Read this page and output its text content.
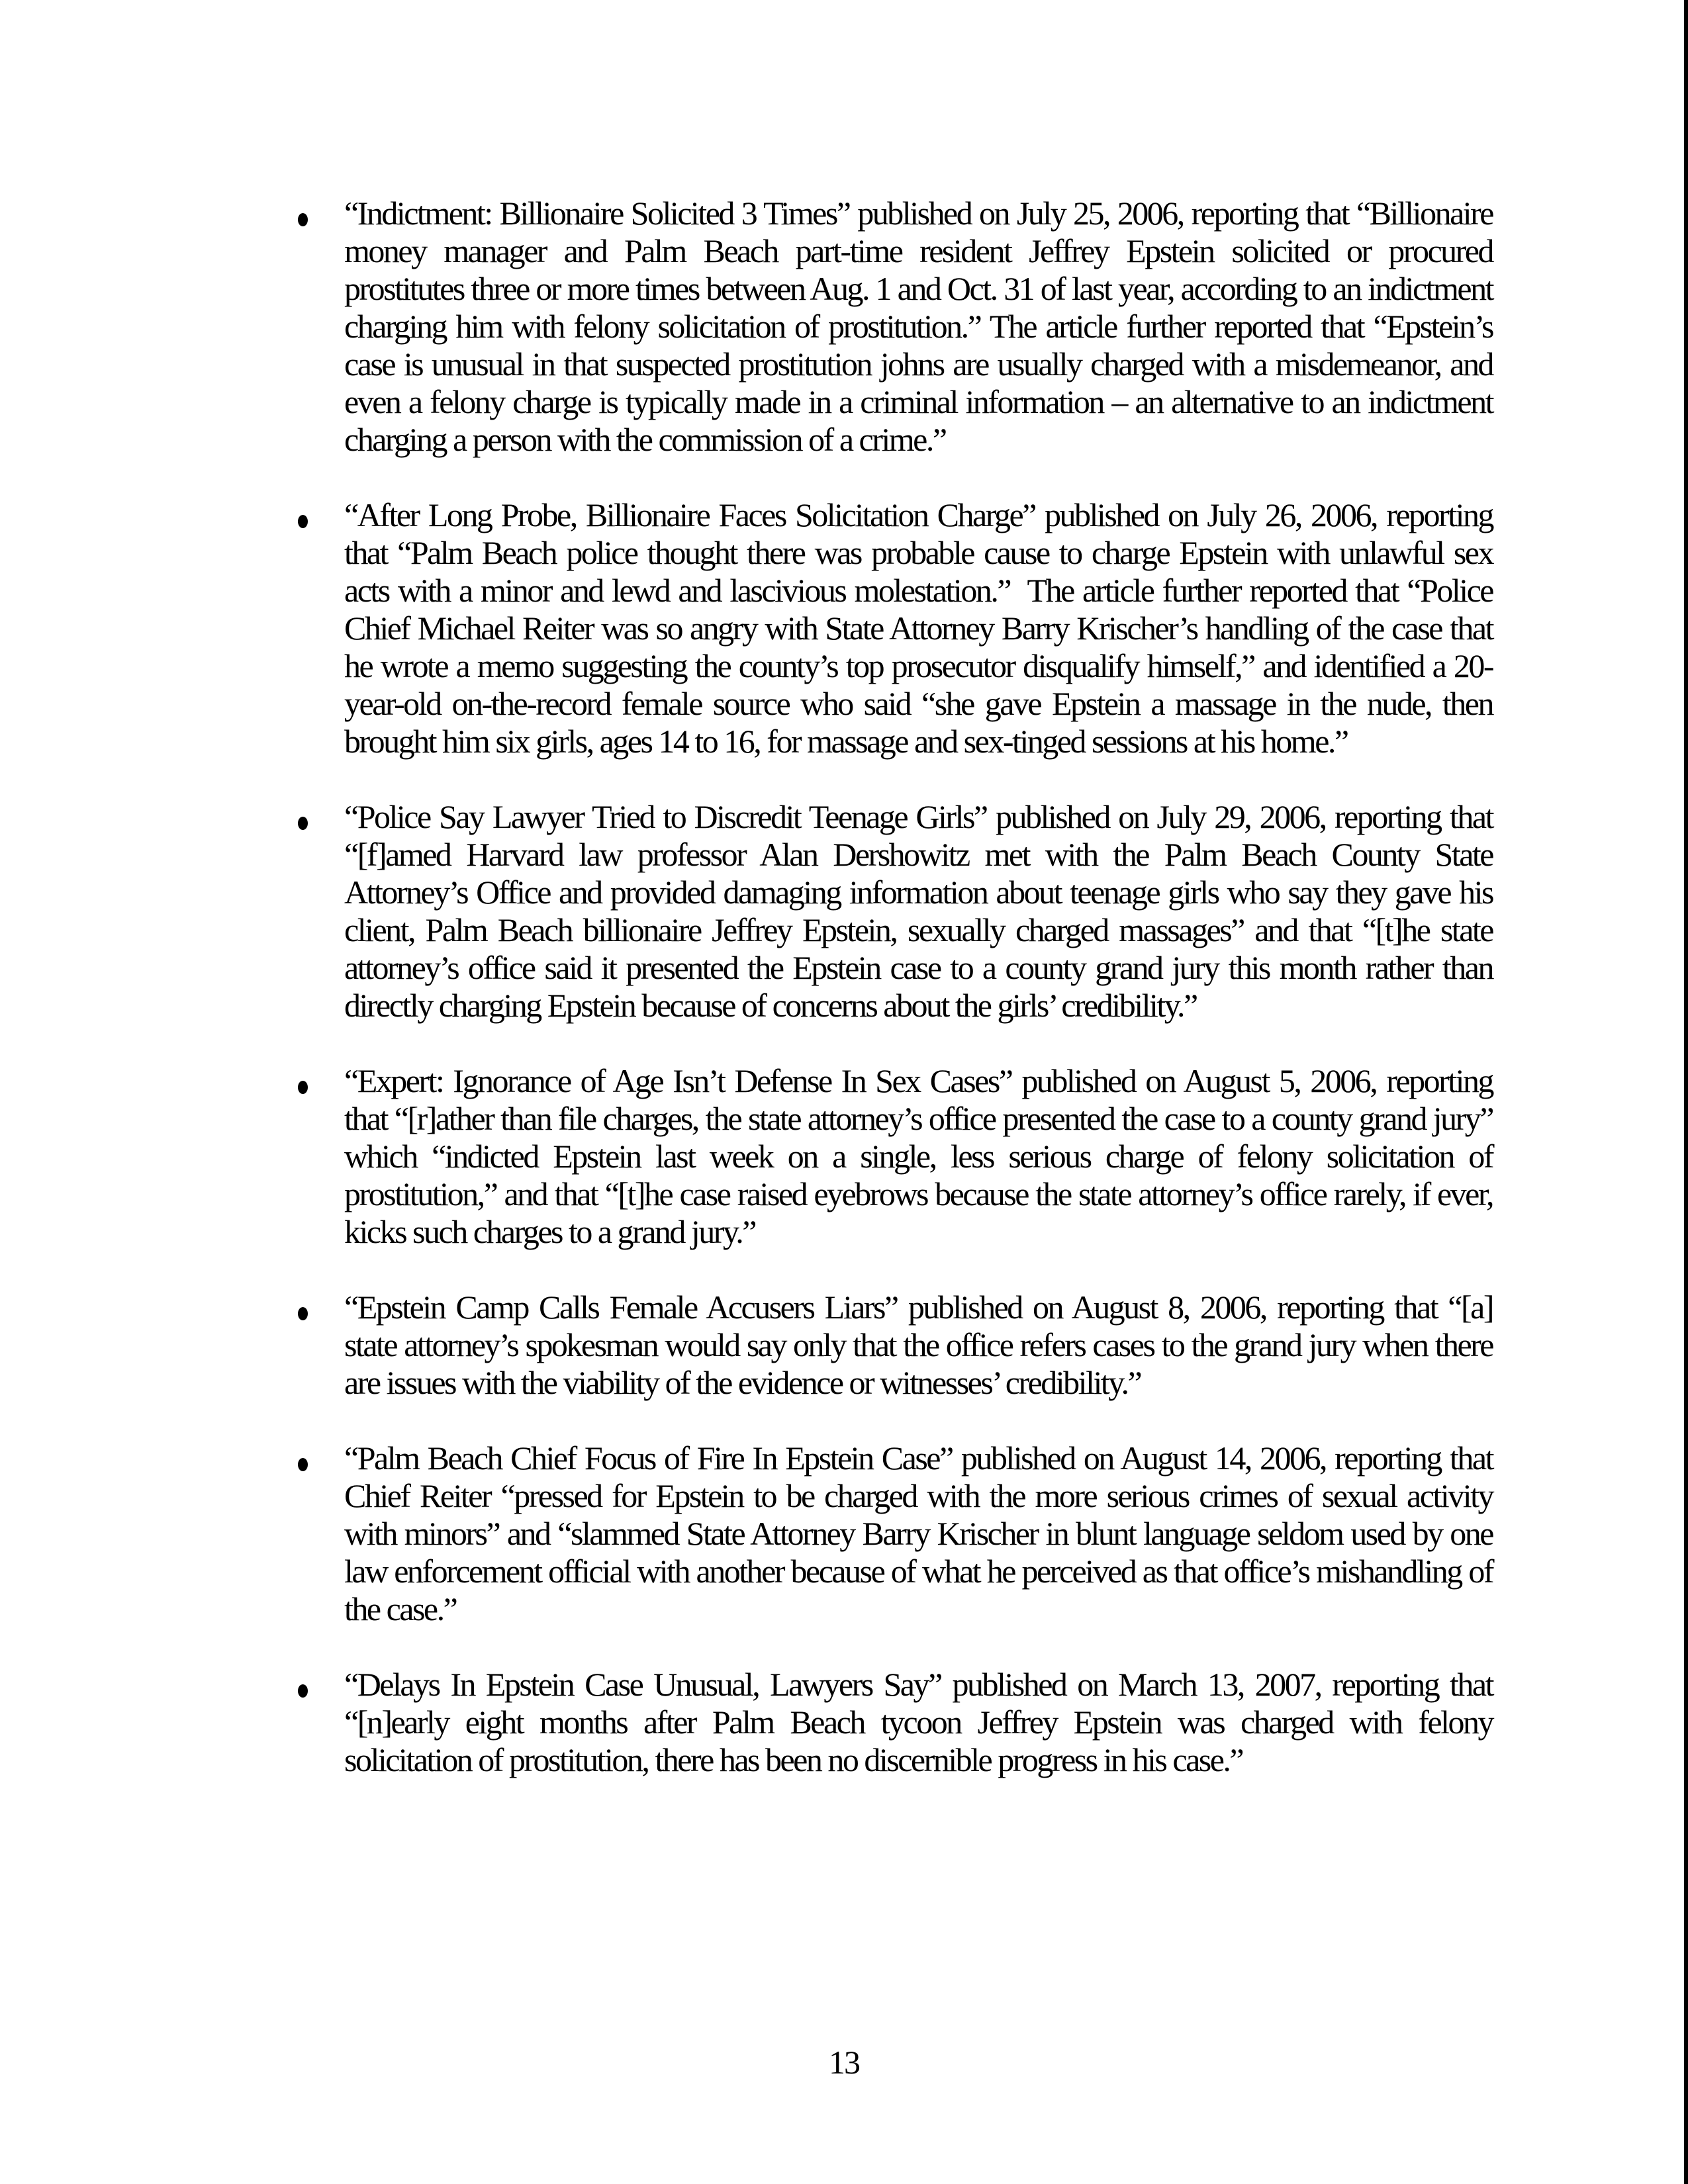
“Indictment: Billionaire Solicited 3 Times” published on July 25, 2006, reporting that “Billionaire money manager and Palm Beach part-time resident Jeffrey Epstein solicited or procured prostitutes three or more times between Aug. 1 and Oct. 31 of last year, according to an indictment charging him with felony solicitation of prostitution.” The article further reported that “Epstein’s case is unusual in that suspected prostitution johns are usually charged with a misdemeanor, and even a felony charge is typically made in a criminal information – an alternative to an indictment charging a person with the commission of a crime.”

“After Long Probe, Billionaire Faces Solicitation Charge” published on July 26, 2006, reporting that “Palm Beach police thought there was probable cause to charge Epstein with unlawful sex acts with a minor and lewd and lascivious molestation.”  The article further reported that “Police Chief Michael Reiter was so angry with State Attorney Barry Krischer’s handling of the case that he wrote a memo suggesting the county’s top prosecutor disqualify himself,” and identified a 20-year-old on-the-record female source who said “she gave Epstein a massage in the nude, then brought him six girls, ages 14 to 16, for massage and sex-tinged sessions at his home.”

“Police Say Lawyer Tried to Discredit Teenage Girls” published on July 29, 2006, reporting that “[f]amed Harvard law professor Alan Dershowitz met with the Palm Beach County State Attorney’s Office and provided damaging information about teenage girls who say they gave his client, Palm Beach billionaire Jeffrey Epstein, sexually charged massages” and that “[t]he state attorney’s office said it presented the Epstein case to a county grand jury this month rather than directly charging Epstein because of concerns about the girls’ credibility.”

“Expert: Ignorance of Age Isn’t Defense In Sex Cases” published on August 5, 2006, reporting that “[r]ather than file charges, the state attorney’s office presented the case to a county grand jury” which “indicted Epstein last week on a single, less serious charge of felony solicitation of prostitution,” and that “[t]he case raised eyebrows because the state attorney’s office rarely, if ever, kicks such charges to a grand jury.”

“Epstein Camp Calls Female Accusers Liars” published on August 8, 2006, reporting that “[a] state attorney’s spokesman would say only that the office refers cases to the grand jury when there are issues with the viability of the evidence or witnesses’ credibility.”

“Palm Beach Chief Focus of Fire In Epstein Case” published on August 14, 2006, reporting that Chief Reiter “pressed for Epstein to be charged with the more serious crimes of sexual activity with minors” and “slammed State Attorney Barry Krischer in blunt language seldom used by one law enforcement official with another because of what he perceived as that office’s mishandling of the case.”

“Delays In Epstein Case Unusual, Lawyers Say” published on March 13, 2007, reporting that “[n]early eight months after Palm Beach tycoon Jeffrey Epstein was charged with felony solicitation of prostitution, there has been no discernible progress in his case.”

13
